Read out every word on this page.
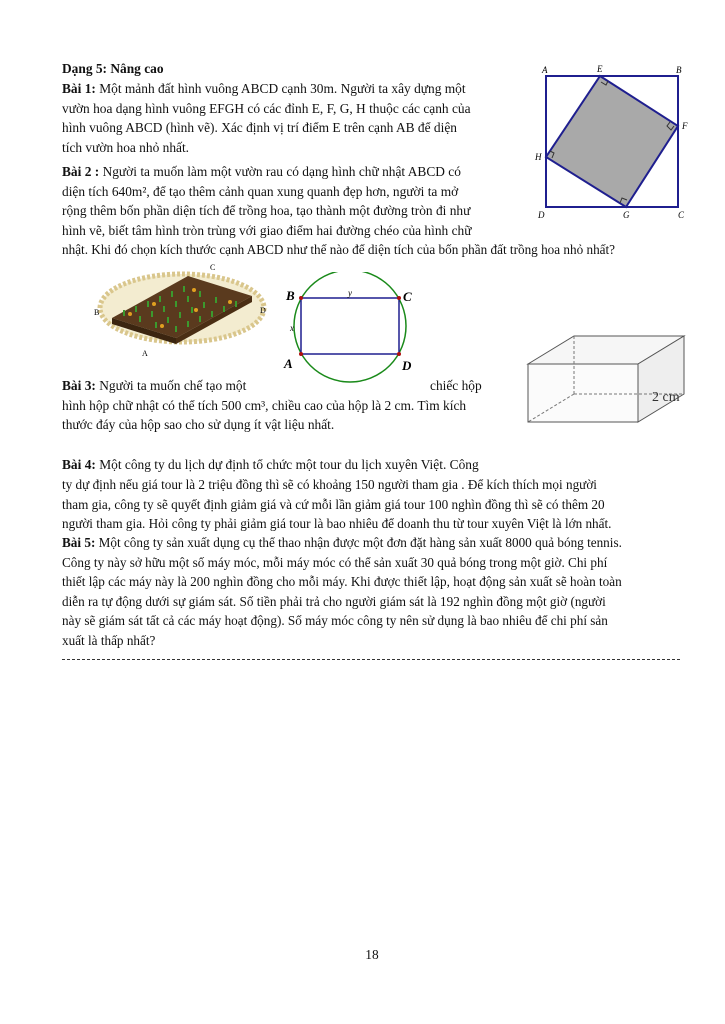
Dạng 5: Nâng cao
Bài 1: Một mảnh đất hình vuông ABCD cạnh 30m. Người ta xây dựng một
vườn hoa dạng hình vuông EFGH có các đỉnh E, F, G, H thuộc các cạnh của
hình vuông ABCD (hình vẽ). Xác định vị trí điểm E trên cạnh AB để diện
tích vườn hoa nhỏ nhất.
A	E	B
F
C
G
D
H
Bài 2 : Người ta muốn làm một vườn rau có dạng hình chữ nhật ABCD có
diện tích 640m², để tạo thêm cảnh quan xung quanh đẹp hơn, người ta mở
rộng thêm bốn phần diện tích để trồng hoa, tạo thành một đường tròn đi như
hình vẽ, biết tâm hình tròn trùng với giao điểm hai đường chéo của hình chữ
nhật. Khi đó chọn kích thước cạnh ABCD như thế nào để diện tích của bốn phần đất trồng hoa nhỏ nhất?
C
B	D
A
B	C
A	D
x
y
2 cm
Bài 3: Người ta muốn chế tạo một	chiếc hộp
hình hộp chữ nhật có thể tích 500 cm³, chiều cao của hộp là 2 cm. Tìm kích
thước đáy của hộp sao cho sử dụng ít vật liệu nhất.
Bài 4: Một công ty du lịch dự định tổ chức một tour du lịch xuyên Việt. Công
ty dự định nếu giá tour là 2 triệu đồng thì sẽ có khoảng 150 người tham gia . Để kích thích mọi người
tham gia, công ty sẽ quyết định giảm giá và cứ mỗi lần giảm giá tour 100 nghìn đồng thì sẽ có thêm 20
người tham gia. Hỏi công ty phải giảm giá tour là bao nhiêu để doanh thu từ tour xuyên Việt là lớn nhất.
Bài 5: Một công ty sản xuất dụng cụ thể thao nhận được một đơn đặt hàng sản xuất 8000 quả bóng tennis.
Công ty này sở hữu một số máy móc, mỗi máy móc có thể sản xuất 30 quả bóng trong một giờ. Chi phí
thiết lập các máy này là 200 nghìn đồng cho mỗi máy. Khi được thiết lập, hoạt động sản xuất sẽ hoàn toàn
diễn ra tự động dưới sự giám sát. Số tiền phải trả cho người giám sát là 192 nghìn đồng một giờ (người
này sẽ giám sát tất cả các máy hoạt động). Số máy móc công ty nên sử dụng là bao nhiêu để chi phí sản
xuất là thấp nhất?
18
